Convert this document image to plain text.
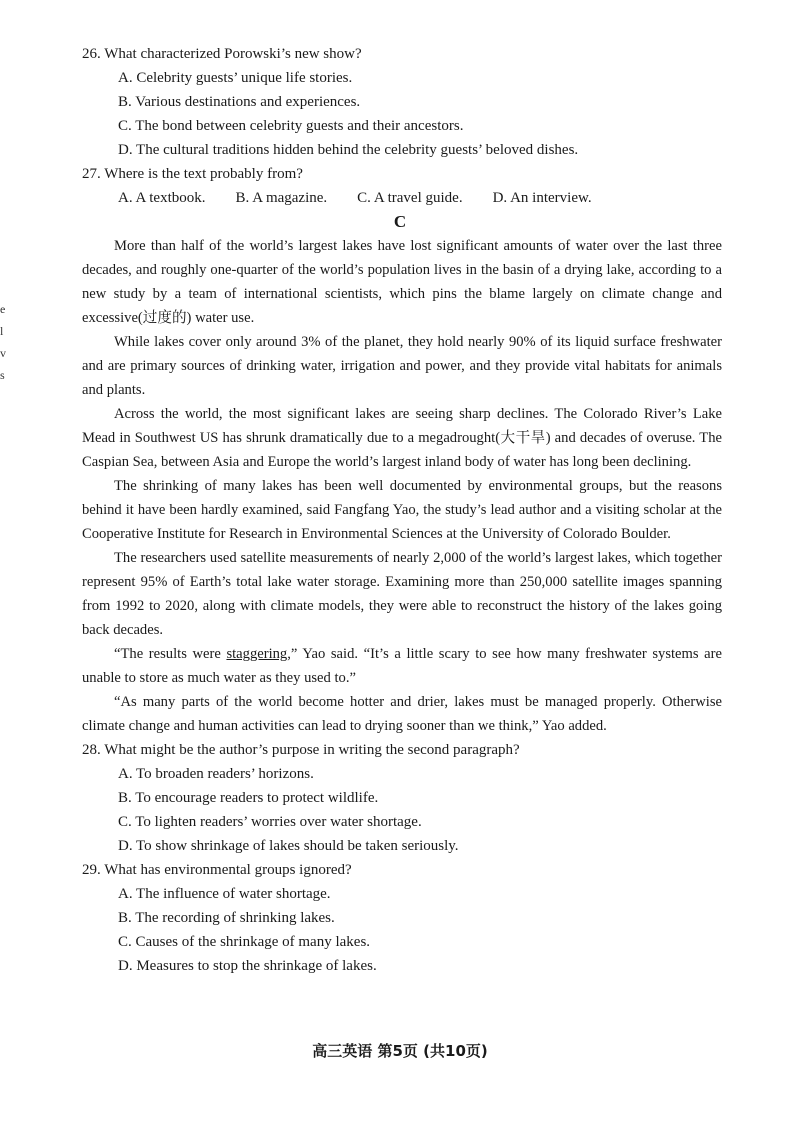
e
l
v
s

26. What characterized Porowski’s new show?

A. Celebrity guests’ unique life stories.

B. Various destinations and experiences.

C. The bond between celebrity guests and their ancestors.

D. The cultural traditions hidden behind the celebrity guests’ beloved dishes.

27. Where is the text probably from?

A. A textbook. B. A magazine. C. A travel guide. D. An interview.

C

More than half of the world’s largest lakes have lost significant amounts of water over the last three decades, and roughly one-quarter of the world’s population lives in the basin of a drying lake, according to a new study by a team of international scientists, which pins the blame largely on climate change and excessive(过度的) water use.

While lakes cover only around 3% of the planet, they hold nearly 90% of its liquid surface freshwater and are primary sources of drinking water, irrigation and power, and they provide vital habitats for animals and plants.

Across the world, the most significant lakes are seeing sharp declines. The Colorado River’s Lake Mead in Southwest US has shrunk dramatically due to a megadrought(大干旱) and decades of overuse. The Caspian Sea, between Asia and Europe the world’s largest inland body of water has long been declining.

The shrinking of many lakes has been well documented by environmental groups, but the reasons behind it have been hardly examined, said Fangfang Yao, the study’s lead author and a visiting scholar at the Cooperative Institute for Research in Environmental Sciences at the University of Colorado Boulder.

The researchers used satellite measurements of nearly 2,000 of the world’s largest lakes, which together represent 95% of Earth’s total lake water storage. Examining more than 250,000 satellite images spanning from 1992 to 2020, along with climate models, they were able to reconstruct the history of the lakes going back decades.

“The results were staggering,” Yao said. “It’s a little scary to see how many freshwater systems are unable to store as much water as they used to.”

“As many parts of the world become hotter and drier, lakes must be managed properly. Otherwise climate change and human activities can lead to drying sooner than we think,” Yao added.

28. What might be the author’s purpose in writing the second paragraph?

A. To broaden readers’ horizons.

B. To encourage readers to protect wildlife.

C. To lighten readers’ worries over water shortage.

D. To show shrinkage of lakes should be taken seriously.

29. What has environmental groups ignored?

A. The influence of water shortage.

B. The recording of shrinking lakes.

C. Causes of the shrinkage of many lakes.

D. Measures to stop the shrinkage of lakes.

高三英语 第5页 (共10页)
